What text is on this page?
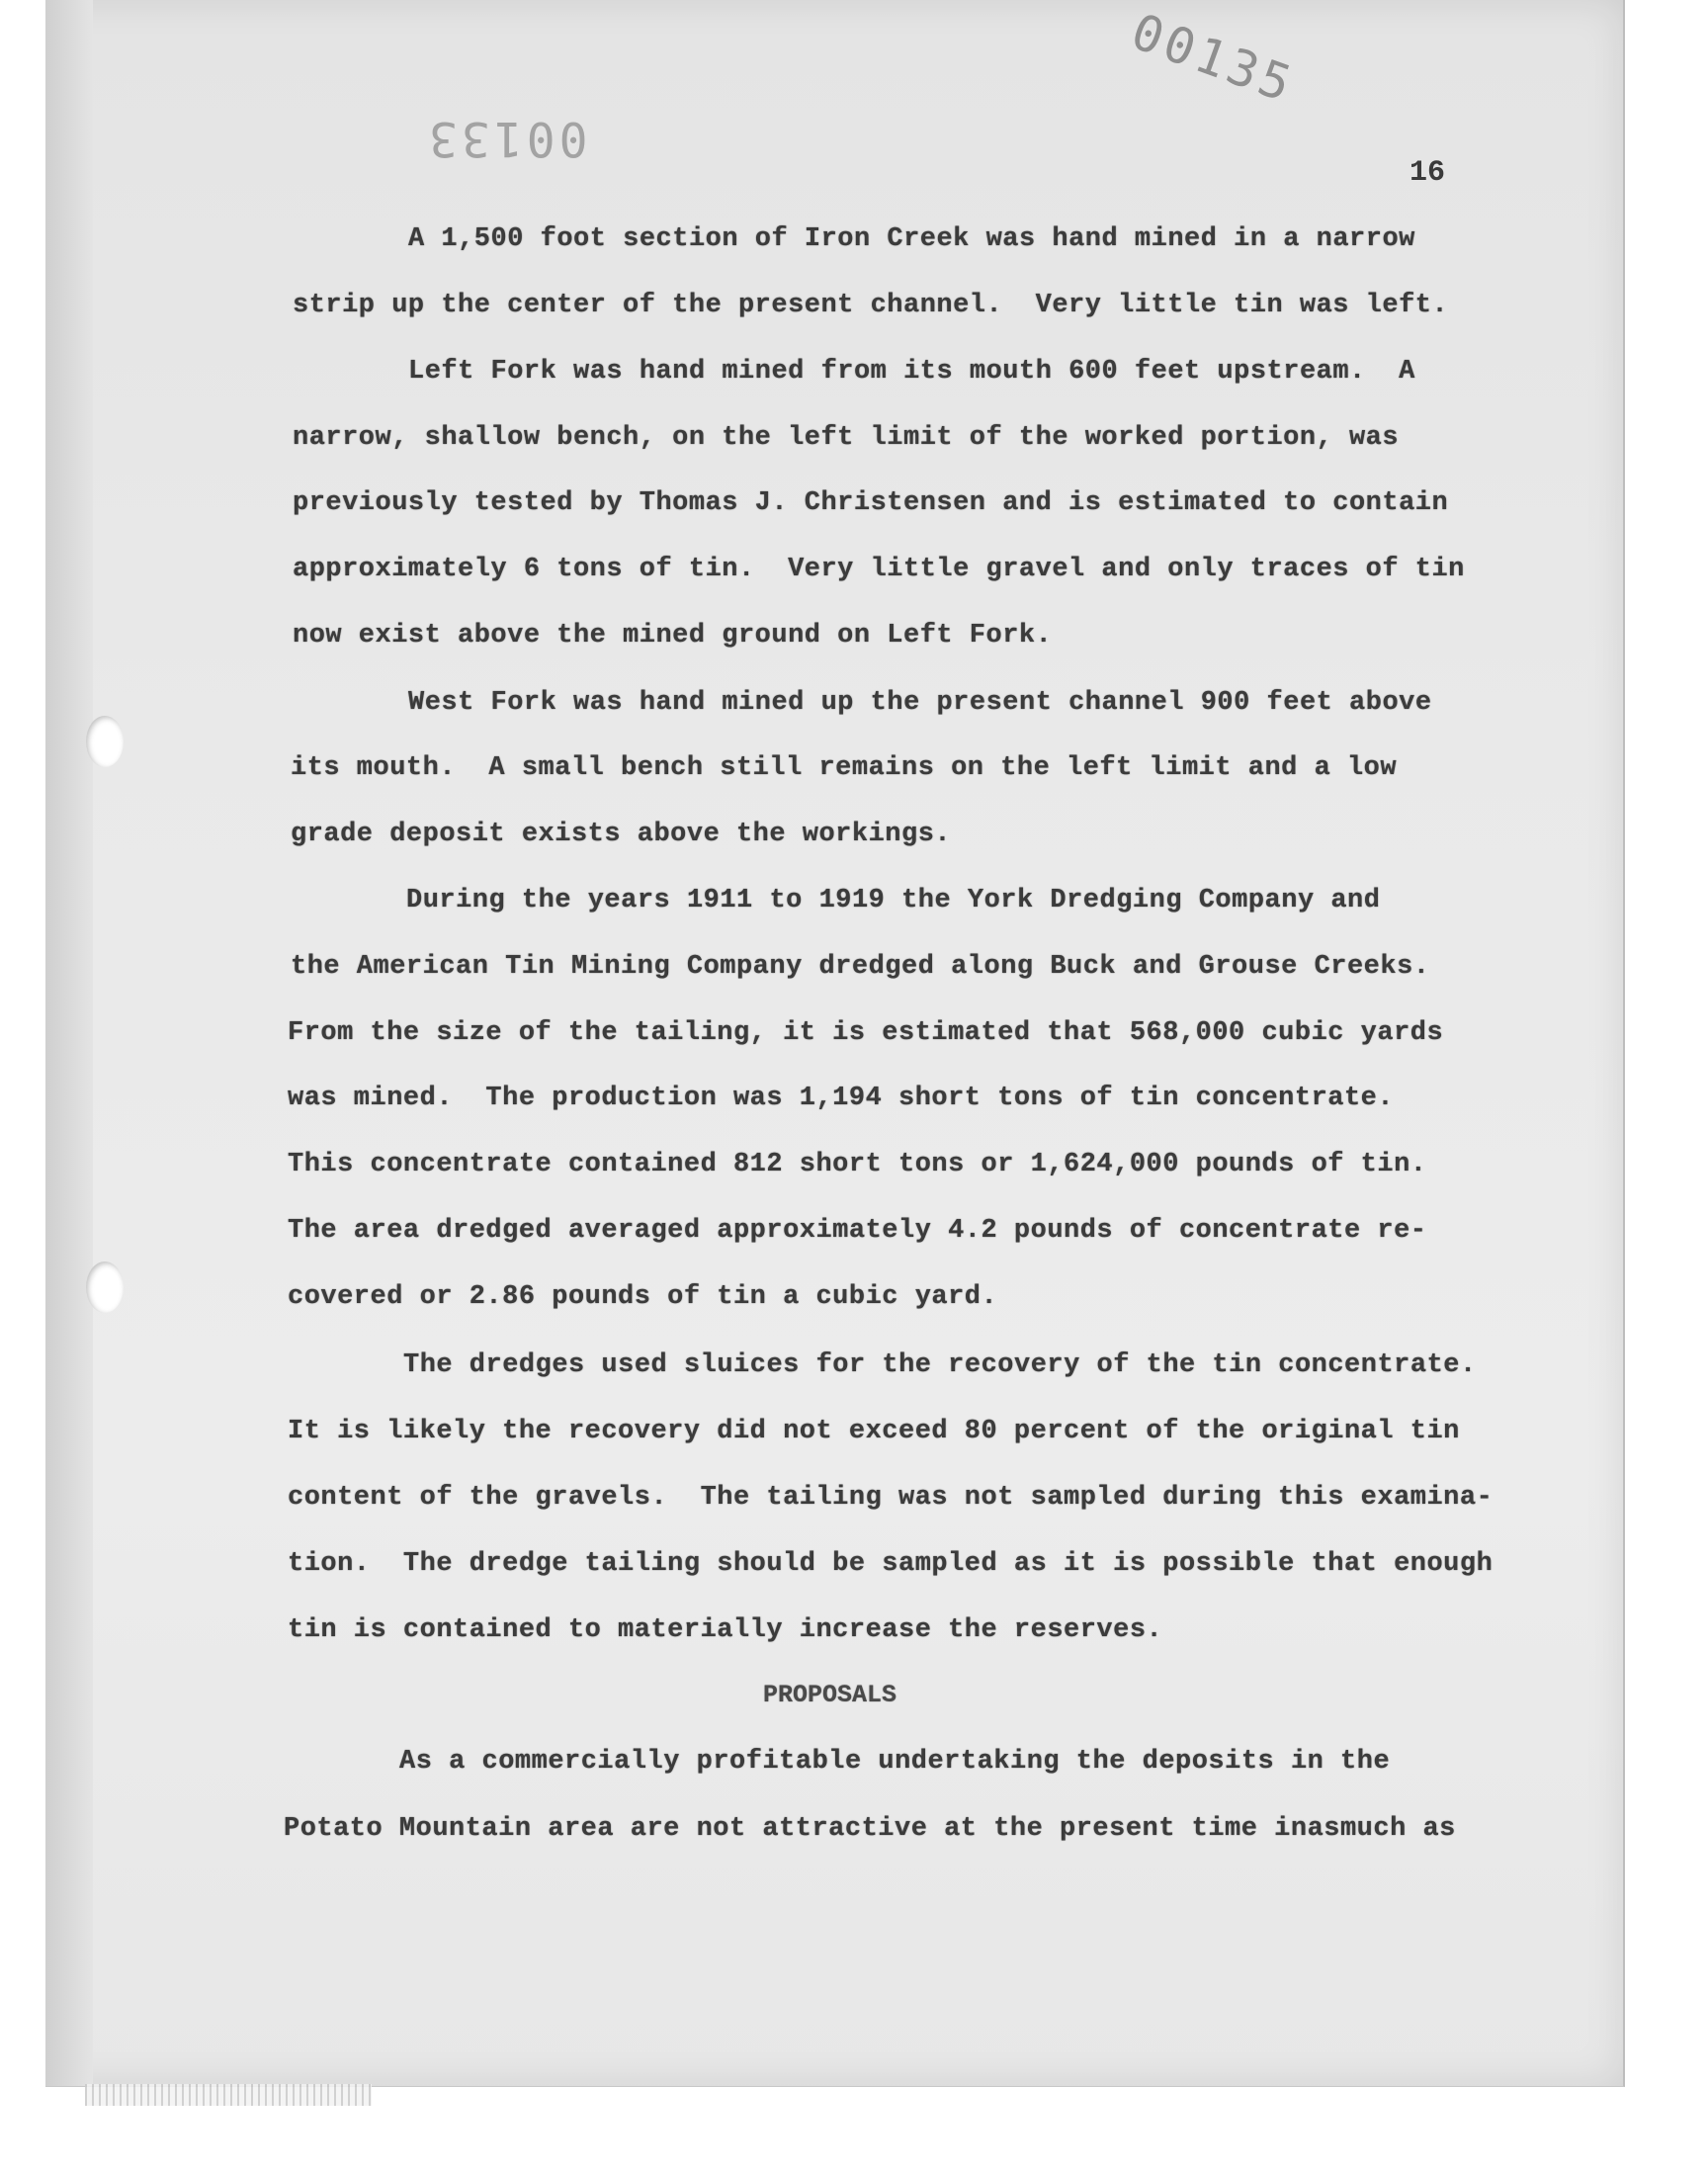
00133
00135
16
A 1,500 foot section of Iron Creek was hand mined in a narrow
strip up the center of the present channel.  Very little tin was left.
Left Fork was hand mined from its mouth 600 feet upstream.  A
narrow, shallow bench, on the left limit of the worked portion, was
previously tested by Thomas J. Christensen and is estimated to contain
approximately 6 tons of tin.  Very little gravel and only traces of tin
now exist above the mined ground on Left Fork.
West Fork was hand mined up the present channel 900 feet above
its mouth.  A small bench still remains on the left limit and a low
grade deposit exists above the workings.
During the years 1911 to 1919 the York Dredging Company and
the American Tin Mining Company dredged along Buck and Grouse Creeks.
From the size of the tailing, it is estimated that 568,000 cubic yards
was mined.  The production was 1,194 short tons of tin concentrate.
This concentrate contained 812 short tons or 1,624,000 pounds of tin.
The area dredged averaged approximately 4.2 pounds of concentrate re-
covered or 2.86 pounds of tin a cubic yard.
The dredges used sluices for the recovery of the tin concentrate.
It is likely the recovery did not exceed 80 percent of the original tin
content of the gravels.  The tailing was not sampled during this examina-
tion.  The dredge tailing should be sampled as it is possible that enough
tin is contained to materially increase the reserves.
PROPOSALS
As a commercially profitable undertaking the deposits in the
Potato Mountain area are not attractive at the present time inasmuch as
